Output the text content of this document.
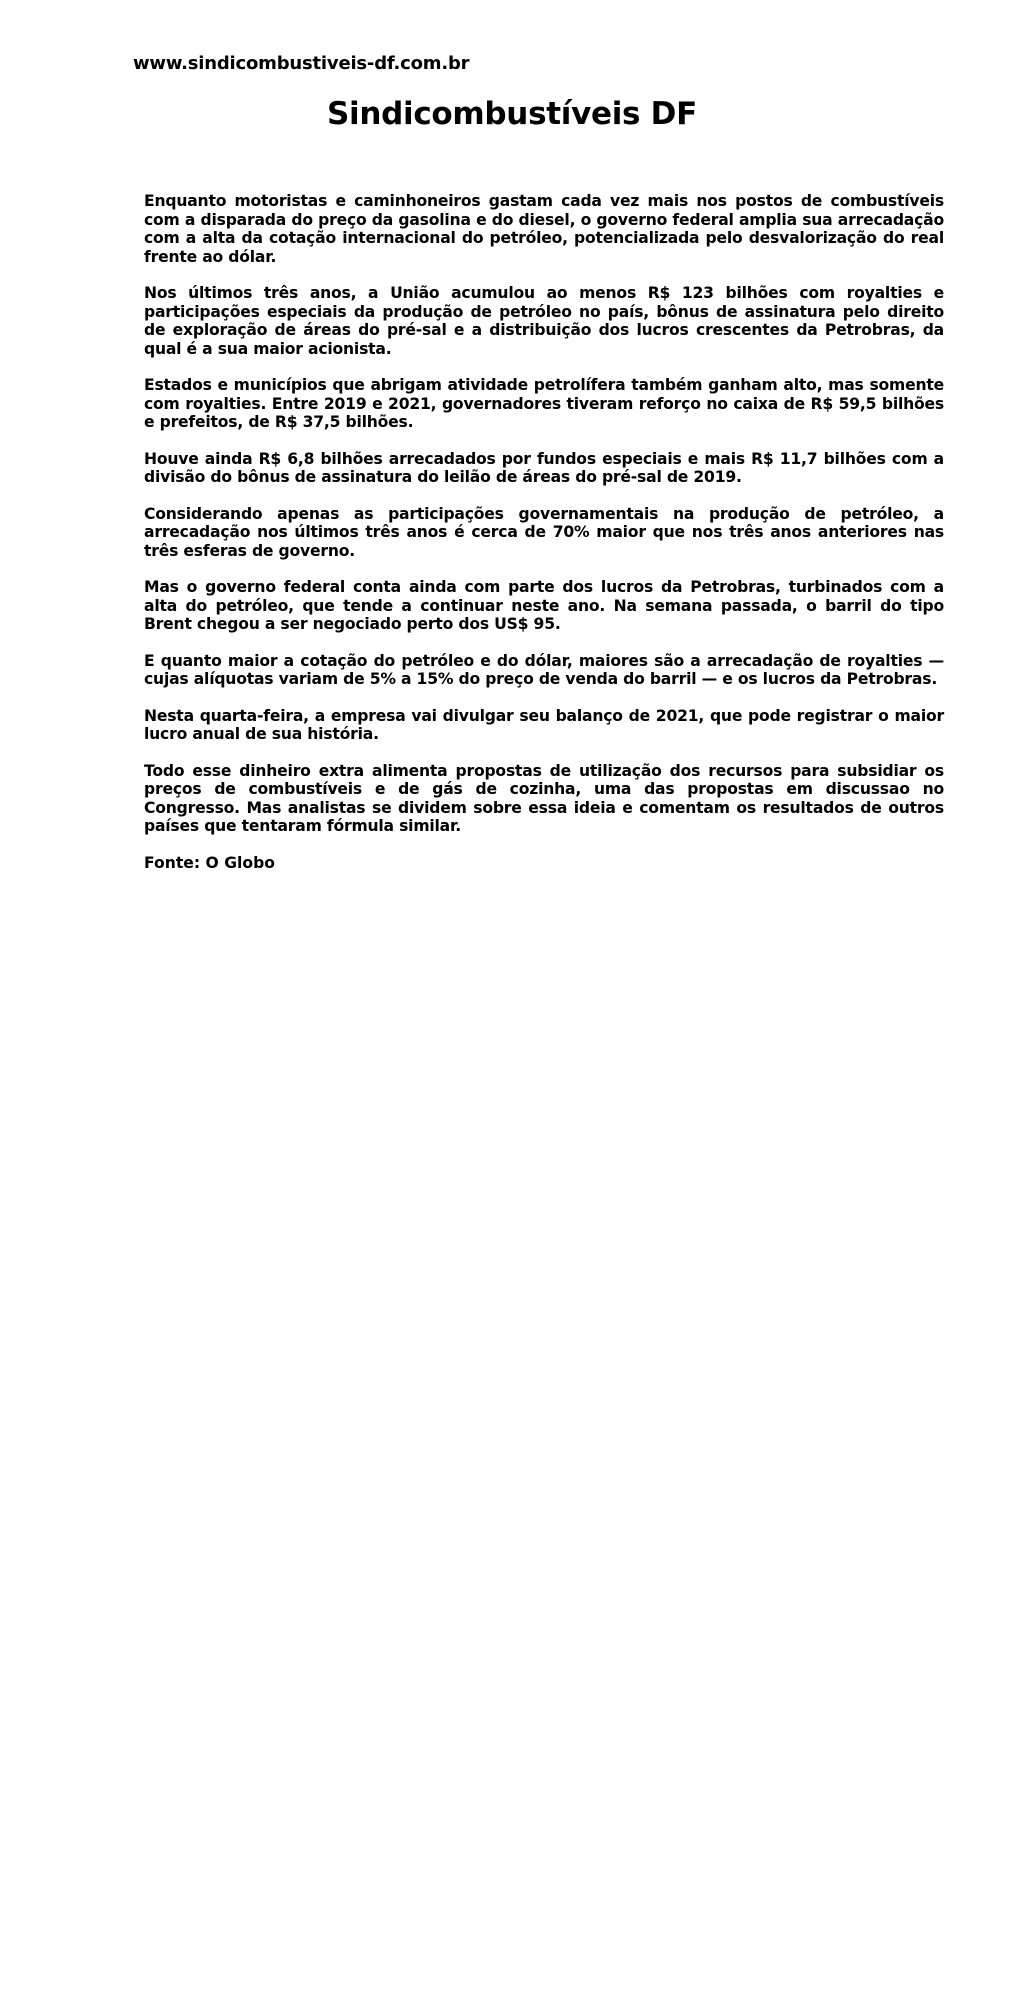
www.sindicombustiveis-df.com.br
Sindicombustíveis DF

Enquanto motoristas e caminhoneiros gastam cada vez mais nos postos de combustíveis com a disparada do preço da gasolina e do diesel, o governo federal amplia sua arrecadação com a alta da cotação internacional do petróleo, potencializada pelo desvalorização do real frente ao dólar.

Nos últimos três anos, a União acumulou ao menos R$ 123 bilhões com royalties e participações especiais da produção de petróleo no país, bônus de assinatura pelo direito de exploração de áreas do pré-sal e a distribuição dos lucros crescentes da Petrobras, da qual é a sua maior acionista.

Estados e municípios que abrigam atividade petrolífera também ganham alto, mas somente com royalties. Entre 2019 e 2021, governadores tiveram reforço no caixa de R$ 59,5 bilhões e prefeitos, de R$ 37,5 bilhões.

Houve ainda R$ 6,8 bilhões arrecadados por fundos especiais e mais R$ 11,7 bilhões com a divisão do bônus de assinatura do leilão de áreas do pré-sal de 2019.

Considerando apenas as participações governamentais na produção de petróleo, a arrecadação nos últimos três anos é cerca de 70% maior que nos três anos anteriores nas três esferas de governo.

Mas o governo federal conta ainda com parte dos lucros da Petrobras, turbinados com a alta do petróleo, que tende a continuar neste ano. Na semana passada, o barril do tipo Brent chegou a ser negociado perto dos US$ 95.

E quanto maior a cotação do petróleo e do dólar, maiores são a arrecadação de royalties — cujas alíquotas variam de 5% a 15% do preço de venda do barril — e os lucros da Petrobras.

Nesta quarta-feira, a empresa vai divulgar seu balanço de 2021, que pode registrar o maior lucro anual de sua história.

Todo esse dinheiro extra alimenta propostas de utilização dos recursos para subsidiar os preços de combustíveis e de gás de cozinha, uma das propostas em discussao no Congresso. Mas analistas se dividem sobre essa ideia e comentam os resultados de outros países que tentaram fórmula similar.

Fonte: O Globo
